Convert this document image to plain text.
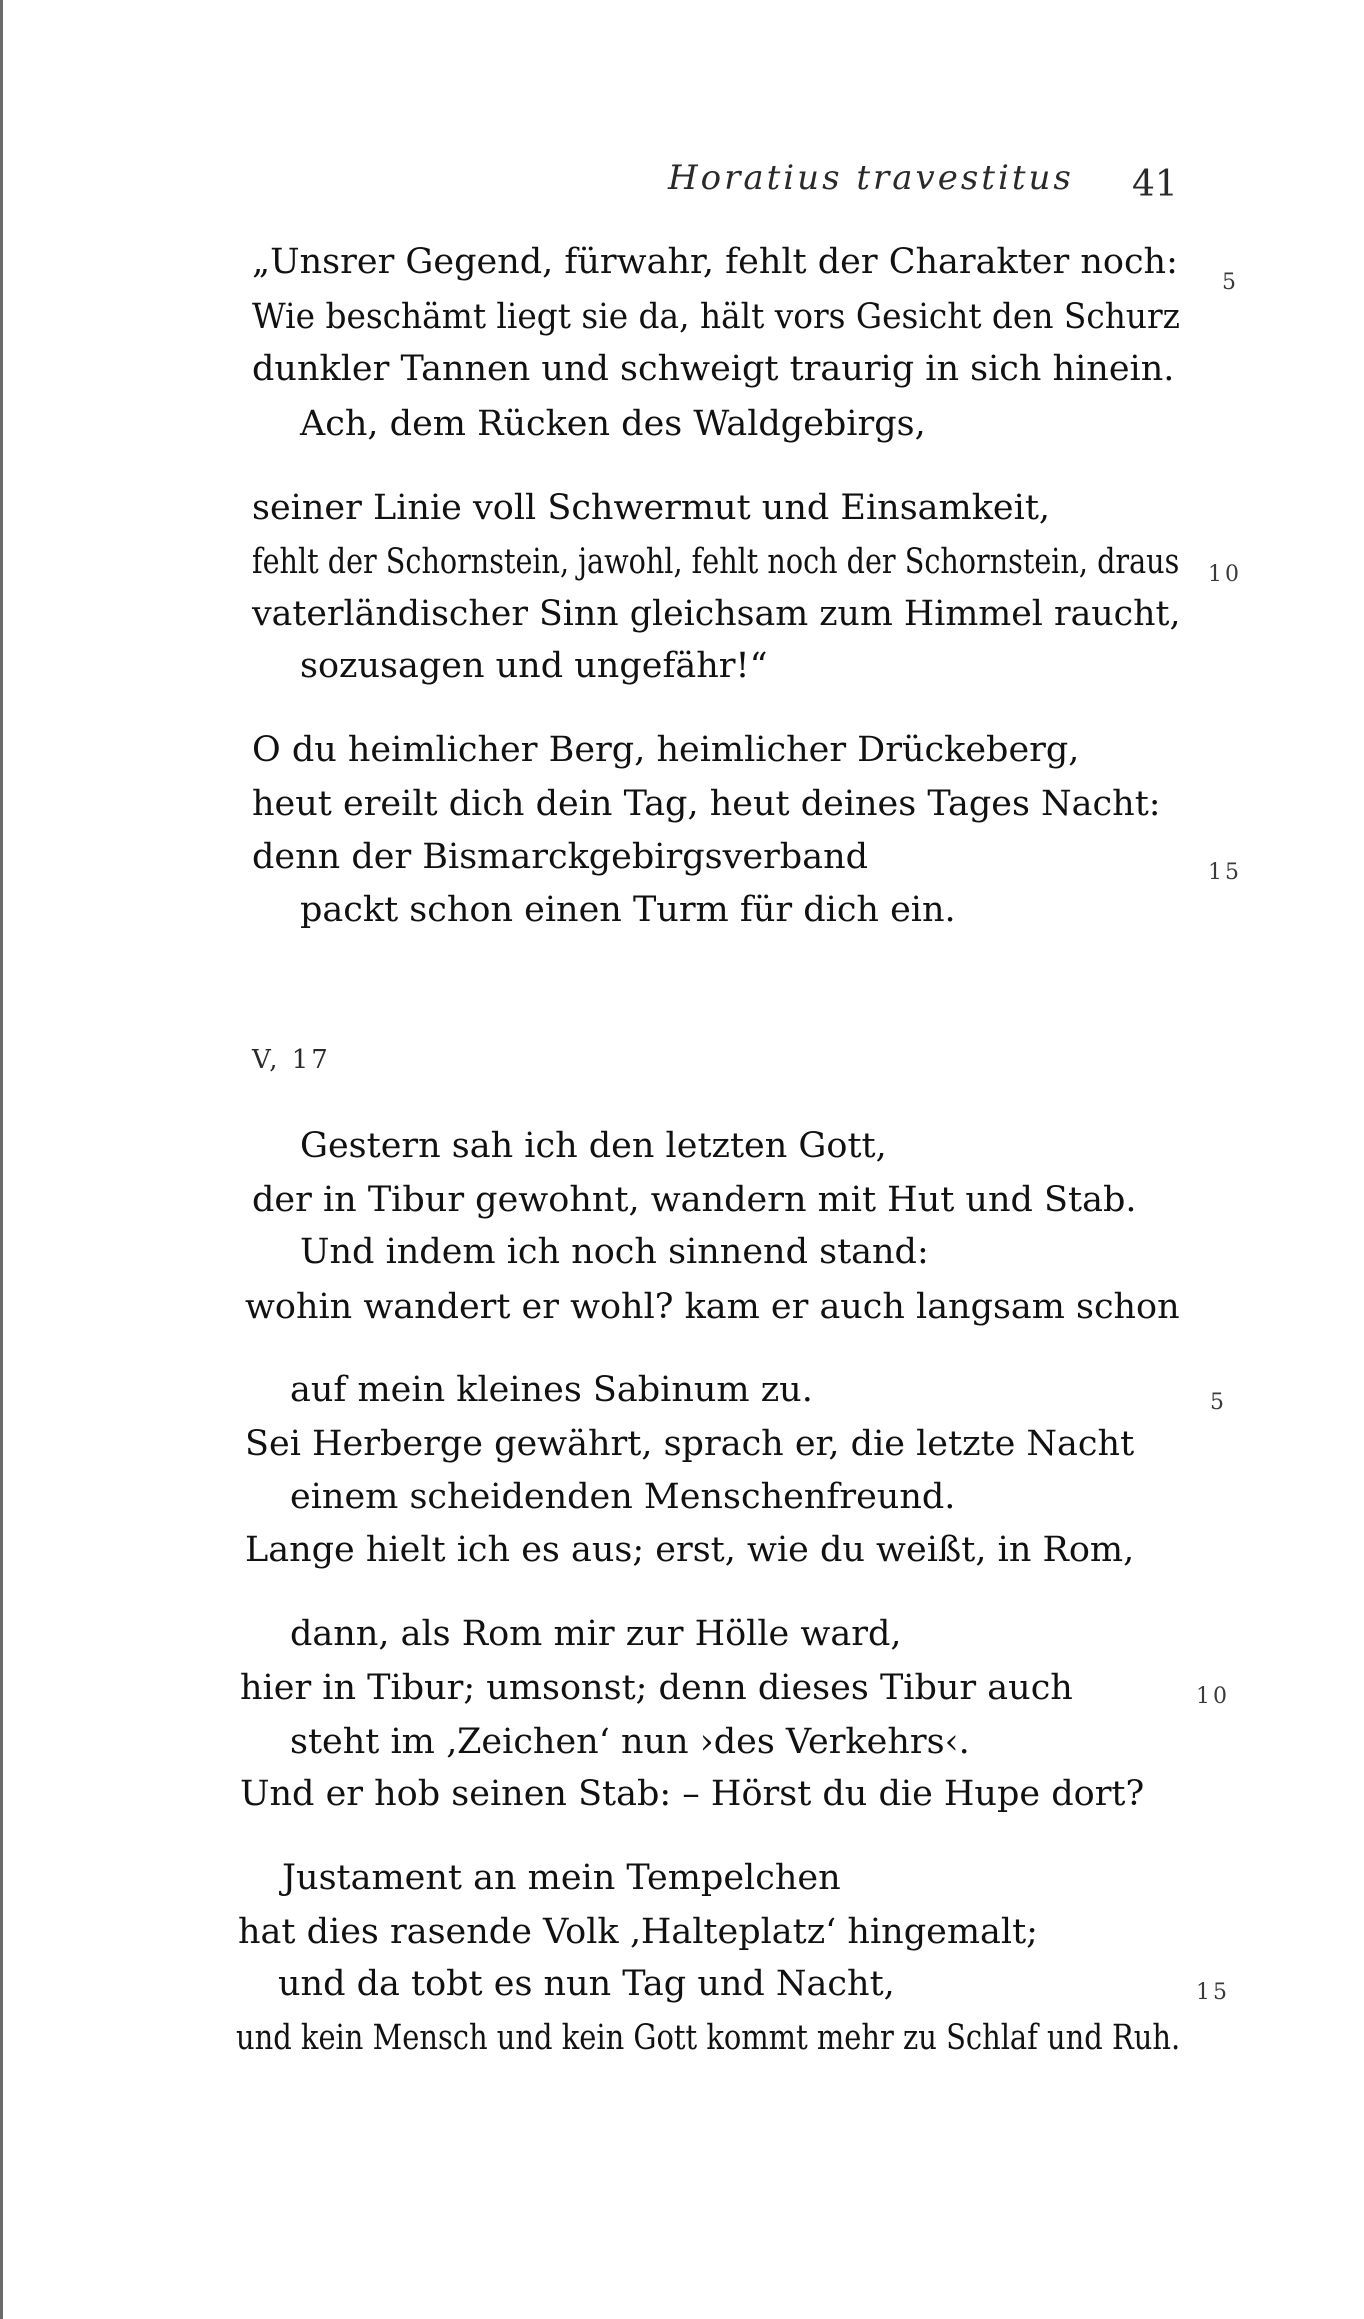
Horatius travestitus 41
„Unsrer Gegend, fürwahr, fehlt der Charakter noch:
Wie beschämt liegt sie da, hält vors Gesicht den Schurz
dunkler Tannen und schweigt traurig in sich hinein.
Ach, dem Rücken des Waldgebirgs,
seiner Linie voll Schwermut und Einsamkeit,
fehlt der Schornstein, jawohl, fehlt noch der Schornstein, draus
vaterländischer Sinn gleichsam zum Himmel raucht,
sozusagen und ungefähr!“
O du heimlicher Berg, heimlicher Drückeberg,
heut ereilt dich dein Tag, heut deines Tages Nacht:
denn der Bismarckgebirgsverband
packt schon einen Turm für dich ein.
5
10
15
V, 17
Gestern sah ich den letzten Gott,
der in Tibur gewohnt, wandern mit Hut und Stab.
Und indem ich noch sinnend stand:
wohin wandert er wohl? kam er auch langsam schon
auf mein kleines Sabinum zu.
Sei Herberge gewährt, sprach er, die letzte Nacht
einem scheidenden Menschenfreund.
Lange hielt ich es aus; erst, wie du weißt, in Rom,
dann, als Rom mir zur Hölle ward,
hier in Tibur; umsonst; denn dieses Tibur auch
steht im ‚Zeichen‘ nun ›des Verkehrs‹.
Und er hob seinen Stab: – Hörst du die Hupe dort?
Justament an mein Tempelchen
hat dies rasende Volk ‚Halteplatz‘ hingemalt;
und da tobt es nun Tag und Nacht,
und kein Mensch und kein Gott kommt mehr zu Schlaf und Ruh.
5
10
15
